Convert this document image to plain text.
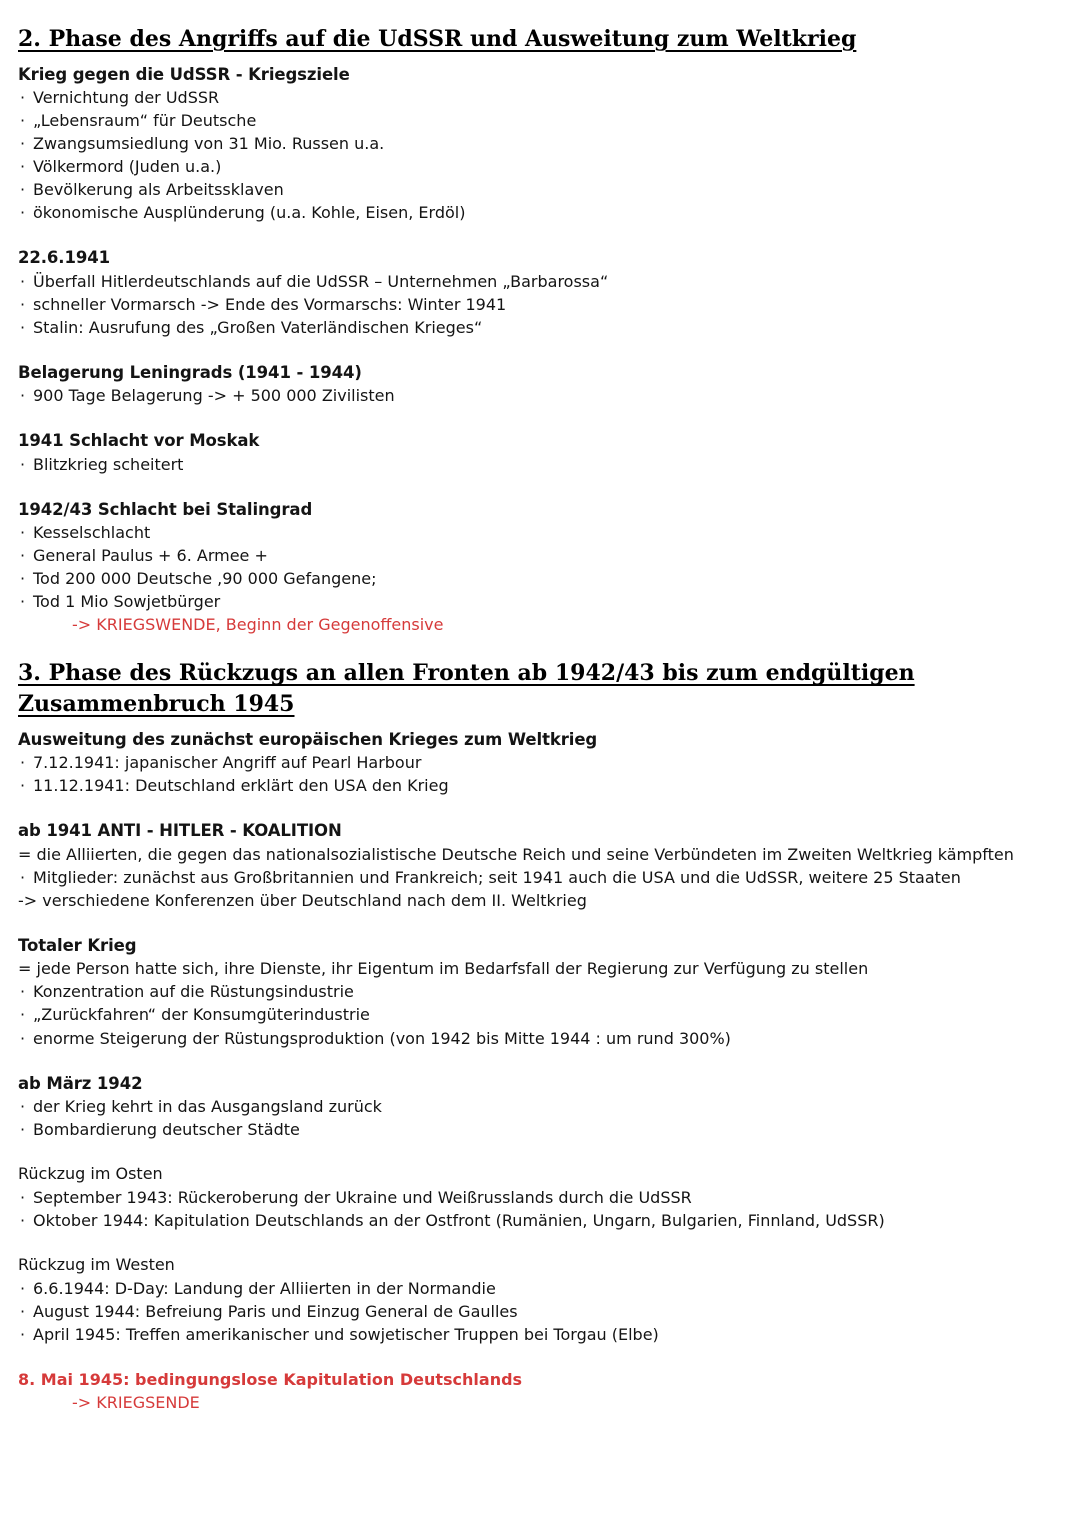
2. Phase des Angriffs auf die UdSSR und Ausweitung zum Weltkrieg
Krieg gegen die UdSSR - Kriegsziele
· Vernichtung der UdSSR
· „Lebensraum“ für Deutsche
· Zwangsumsiedlung von 31 Mio. Russen u.a.
· Völkermord (Juden u.a.)
· Bevölkerung als Arbeitssklaven
· ökonomische Ausplünderung (u.a. Kohle, Eisen, Erdöl)
22.6.1941
· Überfall Hitlerdeutschlands auf die UdSSR – Unternehmen „Barbarossa“
· schneller Vormarsch -> Ende des Vormarschs: Winter 1941
· Stalin: Ausrufung des „Großen Vaterländischen Krieges“
Belagerung Leningrads (1941 - 1944)
· 900 Tage Belagerung -> + 500 000 Zivilisten
1941 Schlacht vor Moskak
· Blitzkrieg scheitert
1942/43 Schlacht bei Stalingrad
· Kesselschlacht
· General Paulus + 6. Armee +
· Tod 200 000 Deutsche ,90 000 Gefangene;
· Tod 1 Mio Sowjetbürger
-> KRIEGSWENDE, Beginn der Gegenoffensive
3. Phase des Rückzugs an allen Fronten ab 1942/43 bis zum endgültigen Zusammenbruch 1945
Ausweitung des zunächst europäischen Krieges zum Weltkrieg
· 7.12.1941: japanischer Angriff auf Pearl Harbour
· 11.12.1941: Deutschland erklärt den USA den Krieg
ab 1941 ANTI - HITLER - KOALITION
= die Alliierten, die gegen das nationalsozialistische Deutsche Reich und seine Verbündeten im Zweiten Weltkrieg kämpften
· Mitglieder: zunächst aus Großbritannien und Frankreich; seit 1941 auch die USA und die UdSSR, weitere 25 Staaten
-> verschiedene Konferenzen über Deutschland nach dem II. Weltkrieg
Totaler Krieg
= jede Person hatte sich, ihre Dienste, ihr Eigentum im Bedarfsfall der Regierung zur Verfügung zu stellen
· Konzentration auf die Rüstungsindustrie
· „Zurückfahren“ der Konsumgüterindustrie
· enorme Steigerung der Rüstungsproduktion (von 1942 bis Mitte 1944 : um rund 300%)
ab März 1942
· der Krieg kehrt in das Ausgangsland zurück
· Bombardierung deutscher Städte
Rückzug im Osten
· September 1943: Rückeroberung der Ukraine und Weißrusslands durch die UdSSR
· Oktober 1944: Kapitulation Deutschlands an der Ostfront (Rumänien, Ungarn, Bulgarien, Finnland, UdSSR)
Rückzug im Westen
· 6.6.1944: D-Day: Landung der Alliierten in der Normandie
· August 1944: Befreiung Paris und Einzug General de Gaulles
· April 1945: Treffen amerikanischer und sowjetischer Truppen bei Torgau (Elbe)
8. Mai 1945: bedingungslose Kapitulation Deutschlands
-> KRIEGSENDE
